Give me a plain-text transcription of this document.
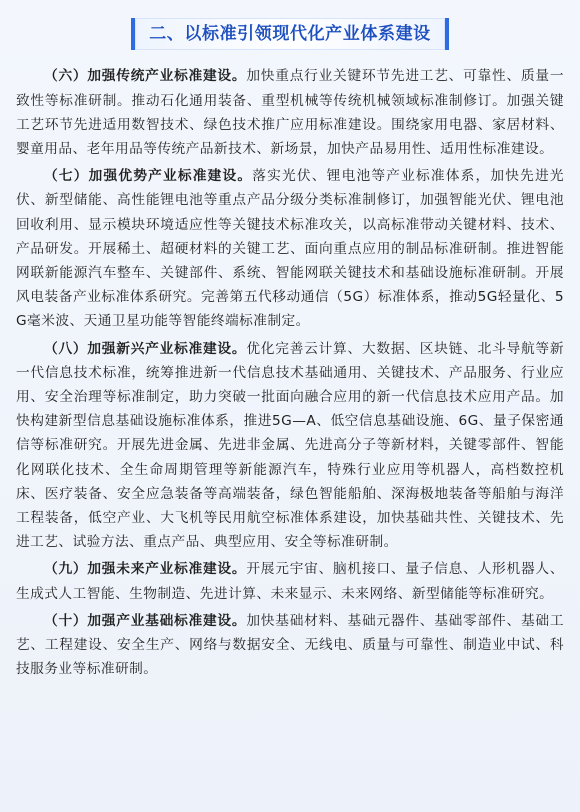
二、以标准引领现代化产业体系建设

（六）加强传统产业标准建设。加快重点行业关键环节先进工艺、可靠性、质量一致性等标准研制。推动石化通用装备、重型机械等传统机械领域标准制修订。加强关键工艺环节先进适用数智技术、绿色技术推广应用标准建设。围绕家用电器、家居材料、婴童用品、老年用品等传统产品新技术、新场景，加快产品易用性、适用性标准建设。

（七）加强优势产业标准建设。落实光伏、锂电池等产业标准体系，加快先进光伏、新型储能、高性能锂电池等重点产品分级分类标准制修订，加强智能光伏、锂电池回收利用、显示模块环境适应性等关键技术标准攻关，以高标准带动关键材料、技术、产品研发。开展稀土、超硬材料的关键工艺、面向重点应用的制品标准研制。推进智能网联新能源汽车整车、关键部件、系统、智能网联关键技术和基础设施标准研制。开展风电装备产业标准体系研究。完善第五代移动通信（5G）标准体系，推动5G轻量化、5G毫米波、天通卫星功能等智能终端标准制定。

（八）加强新兴产业标准建设。优化完善云计算、大数据、区块链、北斗导航等新一代信息技术标准，统筹推进新一代信息技术基础通用、关键技术、产品服务、行业应用、安全治理等标准制定，助力突破一批面向融合应用的新一代信息技术应用产品。加快构建新型信息基础设施标准体系，推进5G—A、低空信息基础设施、6G、量子保密通信等标准研究。开展先进金属、先进非金属、先进高分子等新材料，关键零部件、智能化网联化技术、全生命周期管理等新能源汽车，特殊行业应用等机器人，高档数控机床、医疗装备、安全应急装备等高端装备，绿色智能船舶、深海极地装备等船舶与海洋工程装备，低空产业、大飞机等民用航空标准体系建设，加快基础共性、关键技术、先进工艺、试验方法、重点产品、典型应用、安全等标准研制。

（九）加强未来产业标准建设。开展元宇宙、脑机接口、量子信息、人形机器人、生成式人工智能、生物制造、先进计算、未来显示、未来网络、新型储能等标准研究。

（十）加强产业基础标准建设。加快基础材料、基础元器件、基础零部件、基础工艺、工程建设、安全生产、网络与数据安全、无线电、质量与可靠性、制造业中试、科技服务业等标准研制。
